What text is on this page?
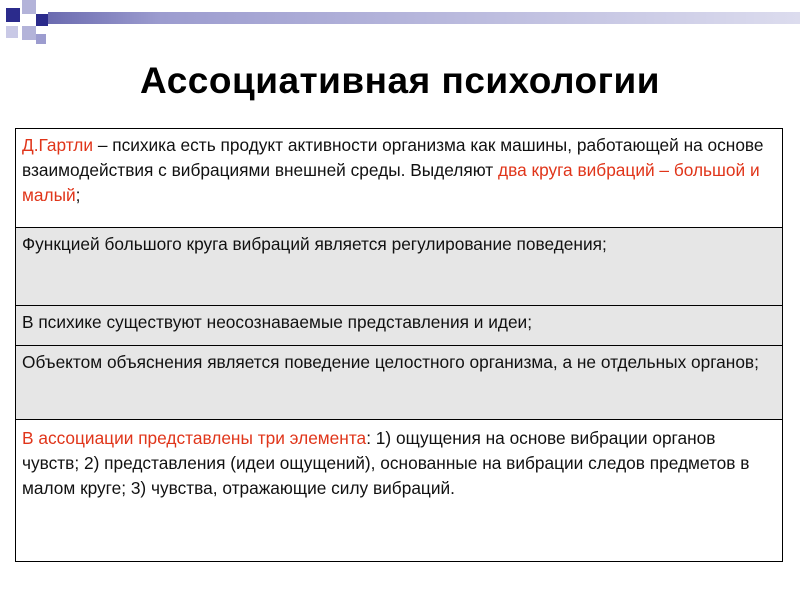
Ассоциативная психологии
Д.Гартли – психика есть продукт активности организма как машины, работающей на основе взаимодействия с вибрациями внешней среды. Выделяют два круга вибраций – большой и малый;
Функцией большого круга вибраций является регулирование поведения;
В психике существуют неосознаваемые представления и идеи;
Объектом объяснения является поведение целостного организма, а не отдельных органов;
В ассоциации представлены три элемента: 1) ощущения на основе вибрации органов чувств; 2) представления (идеи ощущений), основанные на вибрации следов предметов в малом круге; 3) чувства, отражающие силу вибраций.
